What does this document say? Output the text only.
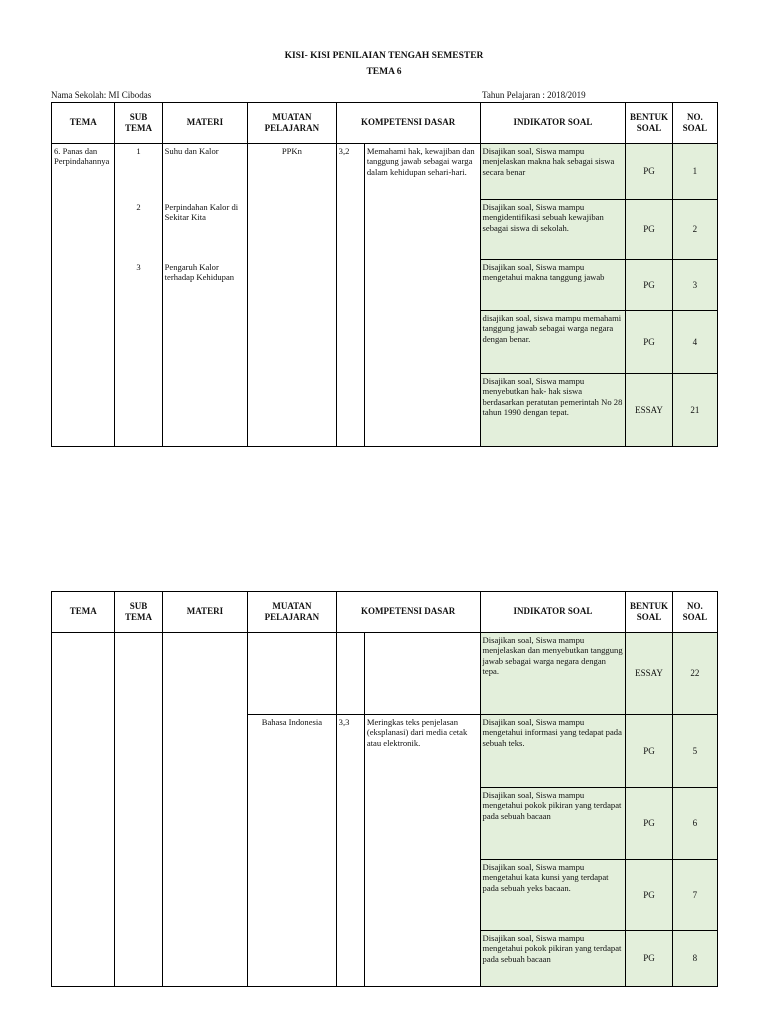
KISI- KISI PENILAIAN TENGAH SEMESTER
TEMA 6
Nama Sekolah: MI Cibodas	Tahun Pelajaran : 2018/2019
TEMA	SUB TEMA	MATERI	MUATAN PELAJARAN	KOMPETENSI DASAR		INDIKATOR SOAL	BENTUK SOAL	NO. SOAL
6. Panas dan Perpindahannya	1	Suhu dan Kalor	PPKn	3,2	Memahami hak, kewajiban dan tanggung jawab sebagai warga dalam kehidupan sehari-hari.	Disajikan soal, Siswa mampu menjelaskan makna hak sebagai siswa secara benar	PG	1
	2	Perpindahan Kalor di Sekitar Kita				Disajikan soal, Siswa mampu mengidentifikasi sebuah kewajiban sebagai siswa di sekolah.	PG	2
	3	Pengaruh Kalor terhadap Kehidupan				Disajikan soal, Siswa mampu mengetahui makna tanggung jawab	PG	3
						disajikan soal, siswa mampu memahami tanggung jawab sebagai warga negara dengan benar.	PG	4
						Disajikan soal, Siswa mampu menyebutkan hak- hak siswa berdasarkan peratutan pemerintah No 28 tahun 1990 dengan tepat.	ESSAY	21
TEMA	SUB TEMA	MATERI	MUATAN PELAJARAN	KOMPETENSI DASAR		INDIKATOR SOAL	BENTUK SOAL	NO. SOAL
						Disajikan soal, Siswa mampu menjelaskan dan menyebutkan tanggung jawab sebagai warga negara dengan tepa.	ESSAY	22
			Bahasa Indonesia	3,3	Meringkas teks penjelasan (eksplanasi) dari media cetak atau elektronik.	Disajikan soal, Siswa mampu mengetahui informasi yang tedapat pada sebuah teks.	PG	5
						Disajikan soal, Siswa mampu mengetahui pokok pikiran yang terdapat pada sebuah bacaan	PG	6
						Disajikan soal, Siswa mampu mengetahui kata kunsi yang terdapat pada sebuah yeks bacaan.	PG	7
						Disajikan soal, Siswa mampu mengetahui pokok pikiran yang terdapat pada sebuah bacaan	PG	8
